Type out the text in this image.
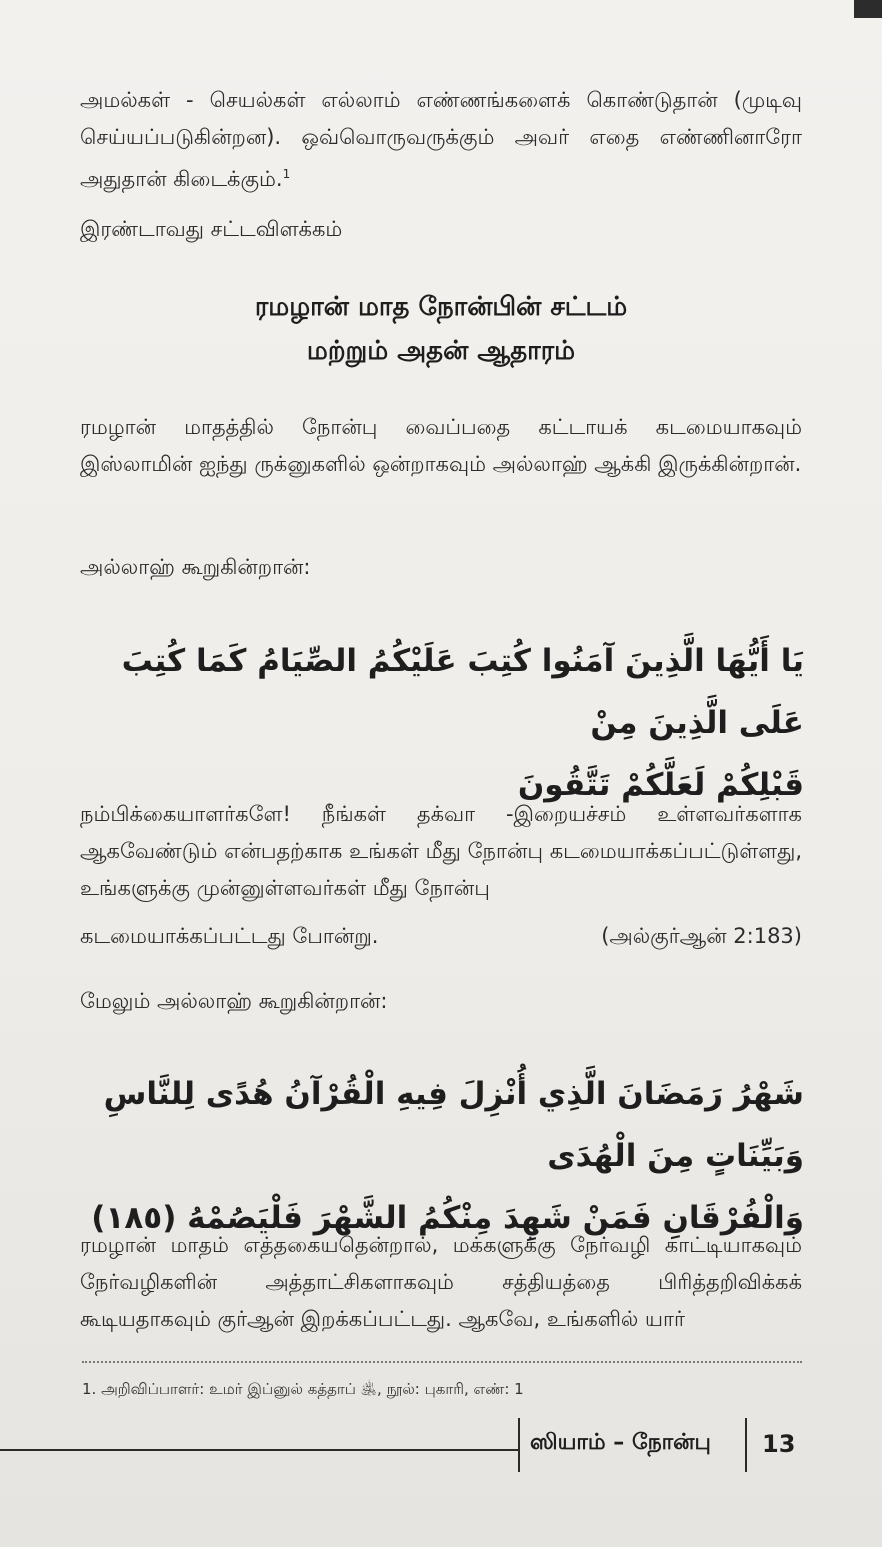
அமல்கள் - செயல்கள் எல்லாம் எண்ணங்களைக் கொண்டுதான் (முடிவு செய்யப்படுகின்றன). ஒவ்வொருவருக்கும் அவர் எதை எண்ணினாரோ அதுதான் கிடைக்கும்.$^1$

இரண்டாவது சட்டவிளக்கம்

ரமழான் மாத நோன்பின் சட்டம்
மற்றும் அதன் ஆதாரம்

ரமழான் மாதத்தில் நோன்பு வைப்பதை கட்டாயக் கடமையாகவும் இஸ்லாமின் ஐந்து ருக்னுகளில் ஒன்றாகவும் அல்லாஹ் ஆக்கி இருக்கின்றான்.

அல்லாஹ் கூறுகின்றான்:

يَا أَيُّهَا الَّذِينَ آمَنُوا كُتِبَ عَلَيْكُمُ الصِّيَامُ كَمَا كُتِبَ عَلَى الَّذِينَ مِنْ
قَبْلِكُمْ لَعَلَّكُمْ تَتَّقُونَ

நம்பிக்கையாளர்களே! நீங்கள் தக்வா -இறையச்சம் உள்ளவர்களாக ஆகவேண்டும் என்பதற்காக உங்கள் மீது நோன்பு கடமையாக்கப்பட்டுள்ளது, உங்களுக்கு முன்னுள்ளவர்கள் மீது நோன்பு

கடமையாக்கப்பட்டது போன்று.	(அல்குர்ஆன் 2:183)

மேலும் அல்லாஹ் கூறுகின்றான்:

شَهْرُ رَمَضَانَ الَّذِي أُنْزِلَ فِيهِ الْقُرْآنُ هُدًى لِلنَّاسِ وَبَيِّنَاتٍ مِنَ الْهُدَى
وَالْفُرْقَانِ فَمَنْ شَهِدَ مِنْكُمُ الشَّهْرَ فَلْيَصُمْهُ (١٨٥)

ரமழான் மாதம் எத்தகையதென்றால், மக்களுக்கு நேர்வழி காட்டியாகவும் நேர்வழிகளின் அத்தாட்சிகளாகவும் சத்தியத்தை பிரித்தறிவிக்கக் கூடியதாகவும் குர்ஆன் இறக்கப்பட்டது. ஆகவே, உங்களில் யார்

1. அறிவிப்பாளர்: உமர் இப்னுல் கத்தாப் ﵁, நூல்: புகாரி, எண்: 1

ஸியாம் – நோன்பு 13
